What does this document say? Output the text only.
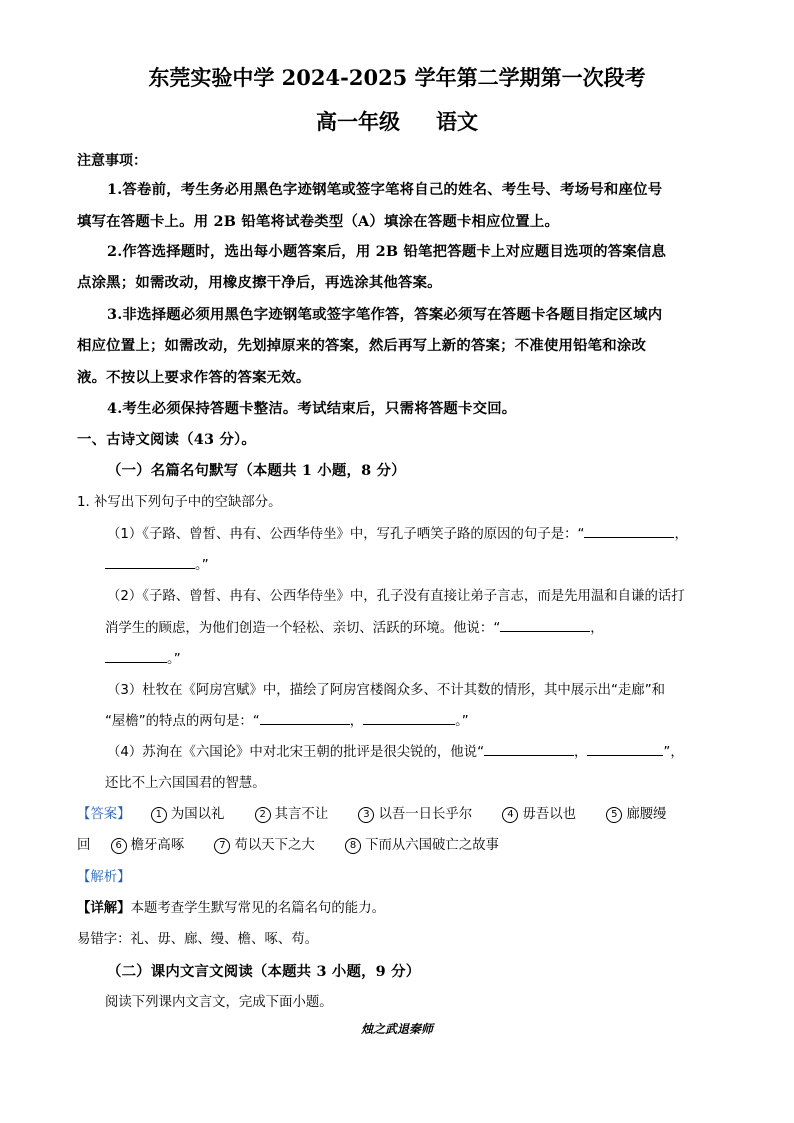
东莞实验中学 2024-2025 学年第二学期第一次段考
高一年级 语文
注意事项：
1.答卷前，考生务必用黑色字迹钢笔或签字笔将自己的姓名、考生号、考场号和座位号
填写在答题卡上。用 2B 铅笔将试卷类型（A）填涂在答题卡相应位置上。
2.作答选择题时，选出每小题答案后，用 2B 铅笔把答题卡上对应题目选项的答案信息
点涂黑；如需改动，用橡皮擦干净后，再选涂其他答案。
3.非选择题必须用黑色字迹钢笔或签字笔作答，答案必须写在答题卡各题目指定区域内
相应位置上；如需改动，先划掉原来的答案，然后再写上新的答案；不准使用铅笔和涂改
液。不按以上要求作答的答案无效。
4.考生必须保持答题卡整洁。考试结束后，只需将答题卡交回。
一、古诗文阅读（43 分）。
（一）名篇名句默写（本题共 1 小题，8 分）
1. 补写出下列句子中的空缺部分。
（1）《子路、曾皙、冉有、公西华侍坐》中，写孔子哂笑子路的原因的句子是：“	，
。”
（2）《子路、曾皙、冉有、公西华侍坐》中，孔子没有直接让弟子言志，而是先用温和自谦的话打
消学生的顾虑，为他们创造一个轻松、亲切、活跃的环境。他说：“	，
。”
（3）杜牧在《阿房宫赋》中，描绘了阿房宫楼阁众多、不计其数的情形，其中展示出“走廊”和
“屋檐”的特点的两句是：“	，	。”
（4）苏洵在《六国论》中对北宋王朝的批评是很尖锐的，他说“	，	”，
还比不上六国国君的智慧。
【答案】	1 为国以礼	2 其言不让	3 以吾一日长乎尔	4 毋吾以也	5 廊腰缦
回	6 檐牙高啄	7 苟以天下之大	8 下而从六国破亡之故事
【解析】
【详解】本题考查学生默写常见的名篇名句的能力。
易错字：礼、毋、廊、缦、檐、啄、苟。
（二）课内文言文阅读（本题共 3 小题，9 分）
阅读下列课内文言文，完成下面小题。
烛之武退秦师
